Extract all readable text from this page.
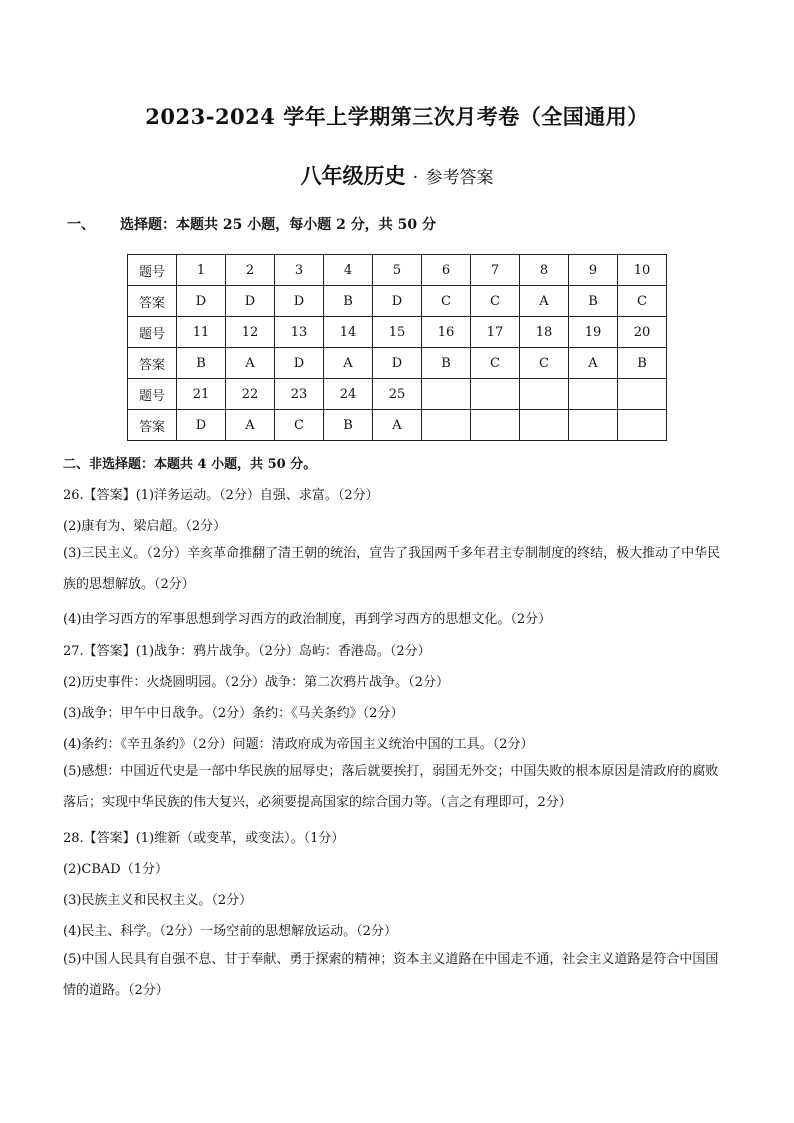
2023-2024 学年上学期第三次月考卷（全国通用）
八年级历史 · 参考答案
一、 选择题：本题共 25 小题，每小题 2 分，共 50 分
题号	1	2	3	4	5	6	7	8	9	10
答案	D	D	D	B	D	C	C	A	B	C
题号	11	12	13	14	15	16	17	18	19	20
答案	B	A	D	A	D	B	C	C	A	B
题号	21	22	23	24	25					
答案	D	A	C	B	A					
二、非选择题：本题共 4 小题，共 50 分。
26.【答案】(1)洋务运动。（2分）自强、求富。（2分）
(2)康有为、梁启超。（2分）
(3)三民主义。（2分）辛亥革命推翻了清王朝的统治，宣告了我国两千多年君主专制制度的终结，极大推动了中华民族的思想解放。（2分）
(4)由学习西方的军事思想到学习西方的政治制度，再到学习西方的思想文化。（2分）
27.【答案】(1)战争：鸦片战争。（2分）岛屿：香港岛。（2分）
(2)历史事件：火烧圆明园。（2分）战争：第二次鸦片战争。（2分）
(3)战争：甲午中日战争。（2分）条约：《马关条约》（2分）
(4)条约：《辛丑条约》（2分）问题：清政府成为帝国主义统治中国的工具。（2分）
(5)感想：中国近代史是一部中华民族的屈辱史；落后就要挨打，弱国无外交；中国失败的根本原因是清政府的腐败落后；实现中华民族的伟大复兴，必须要提高国家的综合国力等。（言之有理即可，2分）
28.【答案】(1)维新（或变革，或变法）。（1分）
(2)CBAD（1分）
(3)民族主义和民权主义。（2分）
(4)民主、科学。（2分）一场空前的思想解放运动。（2分）
(5)中国人民具有自强不息、甘于奉献、勇于探索的精神；资本主义道路在中国走不通，社会主义道路是符合中国国情的道路。（2分）
